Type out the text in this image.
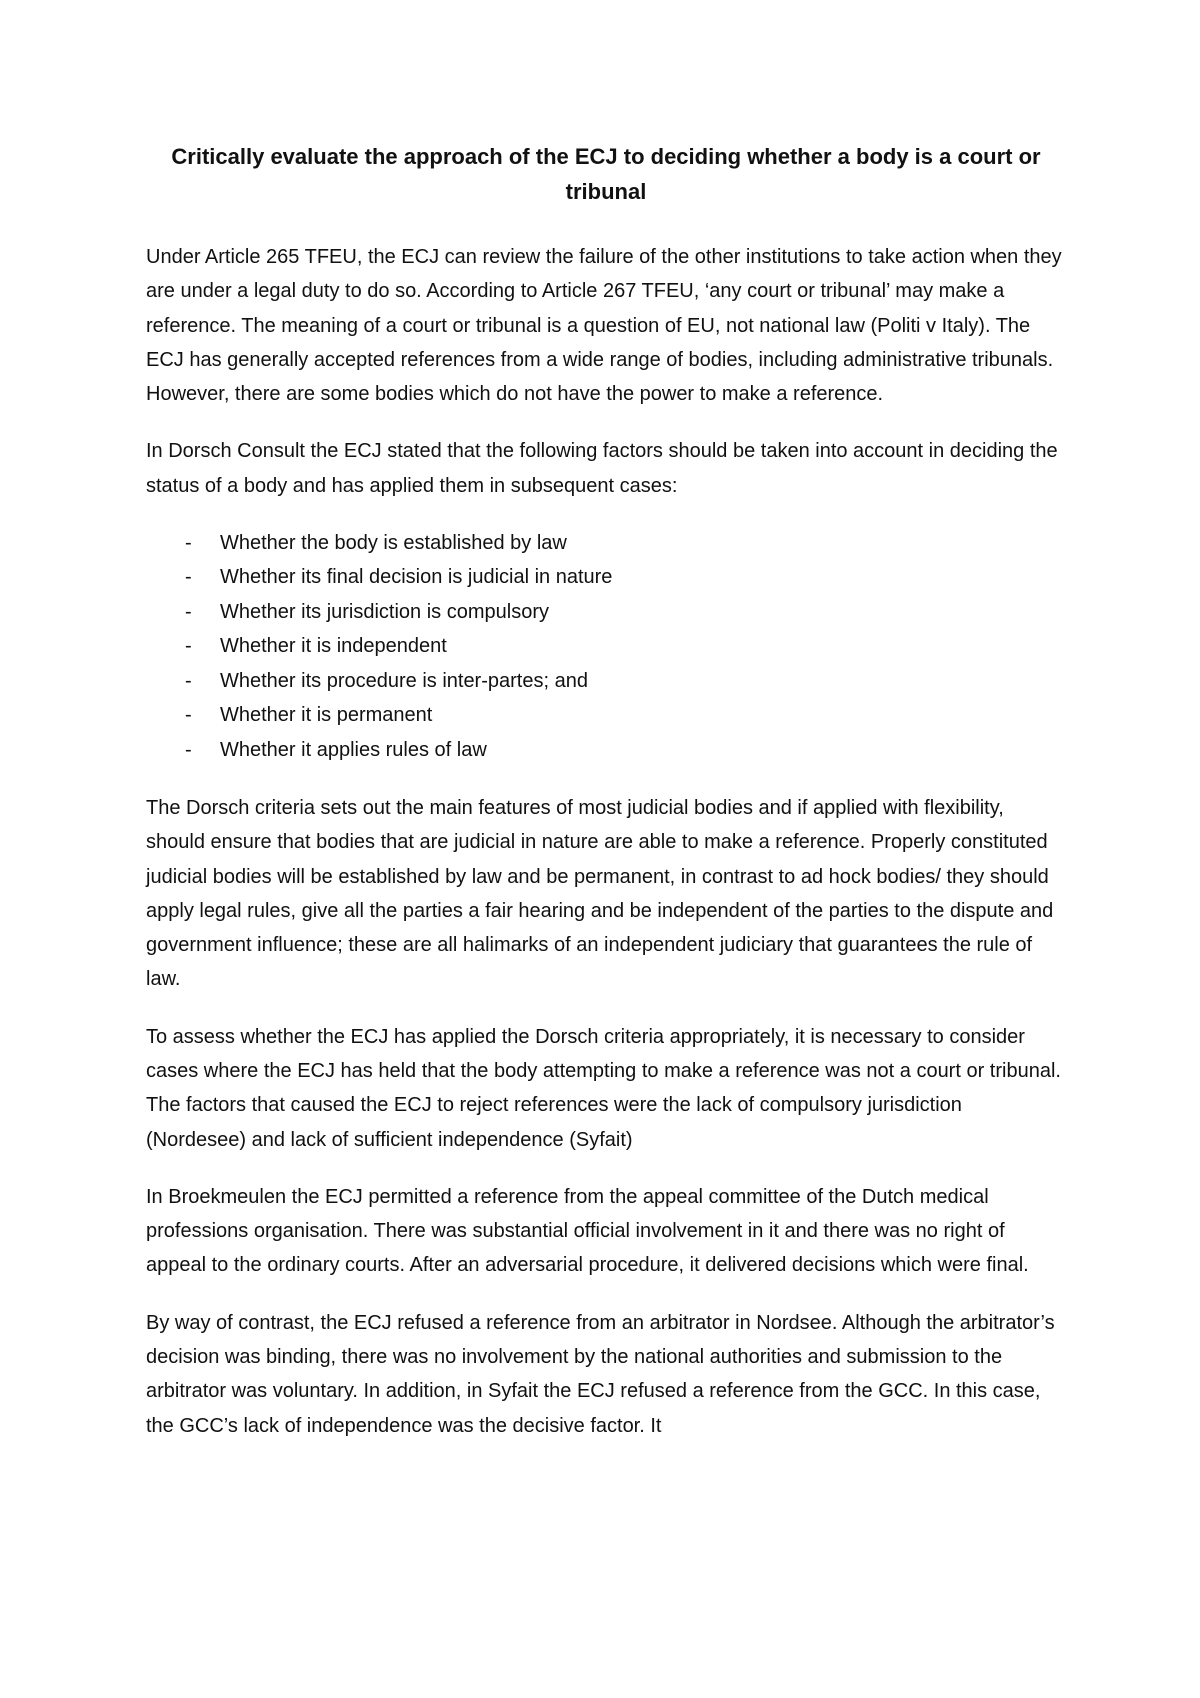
Critically evaluate the approach of the ECJ to deciding whether a body is a court or tribunal

Under Article 265 TFEU, the ECJ can review the failure of the other institutions to take action when they are under a legal duty to do so. According to Article 267 TFEU, ‘any court or tribunal’ may make a reference. The meaning of a court or tribunal is a question of EU, not national law (Politi v Italy). The ECJ has generally accepted references from a wide range of bodies, including administrative tribunals. However, there are some bodies which do not have the power to make a reference.

In Dorsch Consult the ECJ stated that the following factors should be taken into account in deciding the status of a body and has applied them in subsequent cases:

- Whether the body is established by law
- Whether its final decision is judicial in nature
- Whether its jurisdiction is compulsory
- Whether it is independent
- Whether its procedure is inter-partes; and
- Whether it is permanent
- Whether it applies rules of law

The Dorsch criteria sets out the main features of most judicial bodies and if applied with flexibility, should ensure that bodies that are judicial in nature are able to make a reference. Properly constituted judicial bodies will be established by law and be permanent, in contrast to ad hock bodies/ they should apply legal rules, give all the parties a fair hearing and be independent of the parties to the dispute and government influence; these are all halimarks of an independent judiciary that guarantees the rule of law.

To assess whether the ECJ has applied the Dorsch criteria appropriately, it is necessary to consider cases where the ECJ has held that the body attempting to make a reference was not a court or tribunal. The factors that caused the ECJ to reject references were the lack of compulsory jurisdiction (Nordesee) and lack of sufficient independence (Syfait)

In Broekmeulen the ECJ permitted a reference from the appeal committee of the Dutch medical professions organisation. There was substantial official involvement in it and there was no right of appeal to the ordinary courts. After an adversarial procedure, it delivered decisions which were final.

By way of contrast, the ECJ refused a reference from an arbitrator in Nordsee. Although the arbitrator’s decision was binding, there was no involvement by the national authorities and submission to the arbitrator was voluntary. In addition, in Syfait the ECJ refused a reference from the GCC. In this case, the GCC’s lack of independence was the decisive factor. It
